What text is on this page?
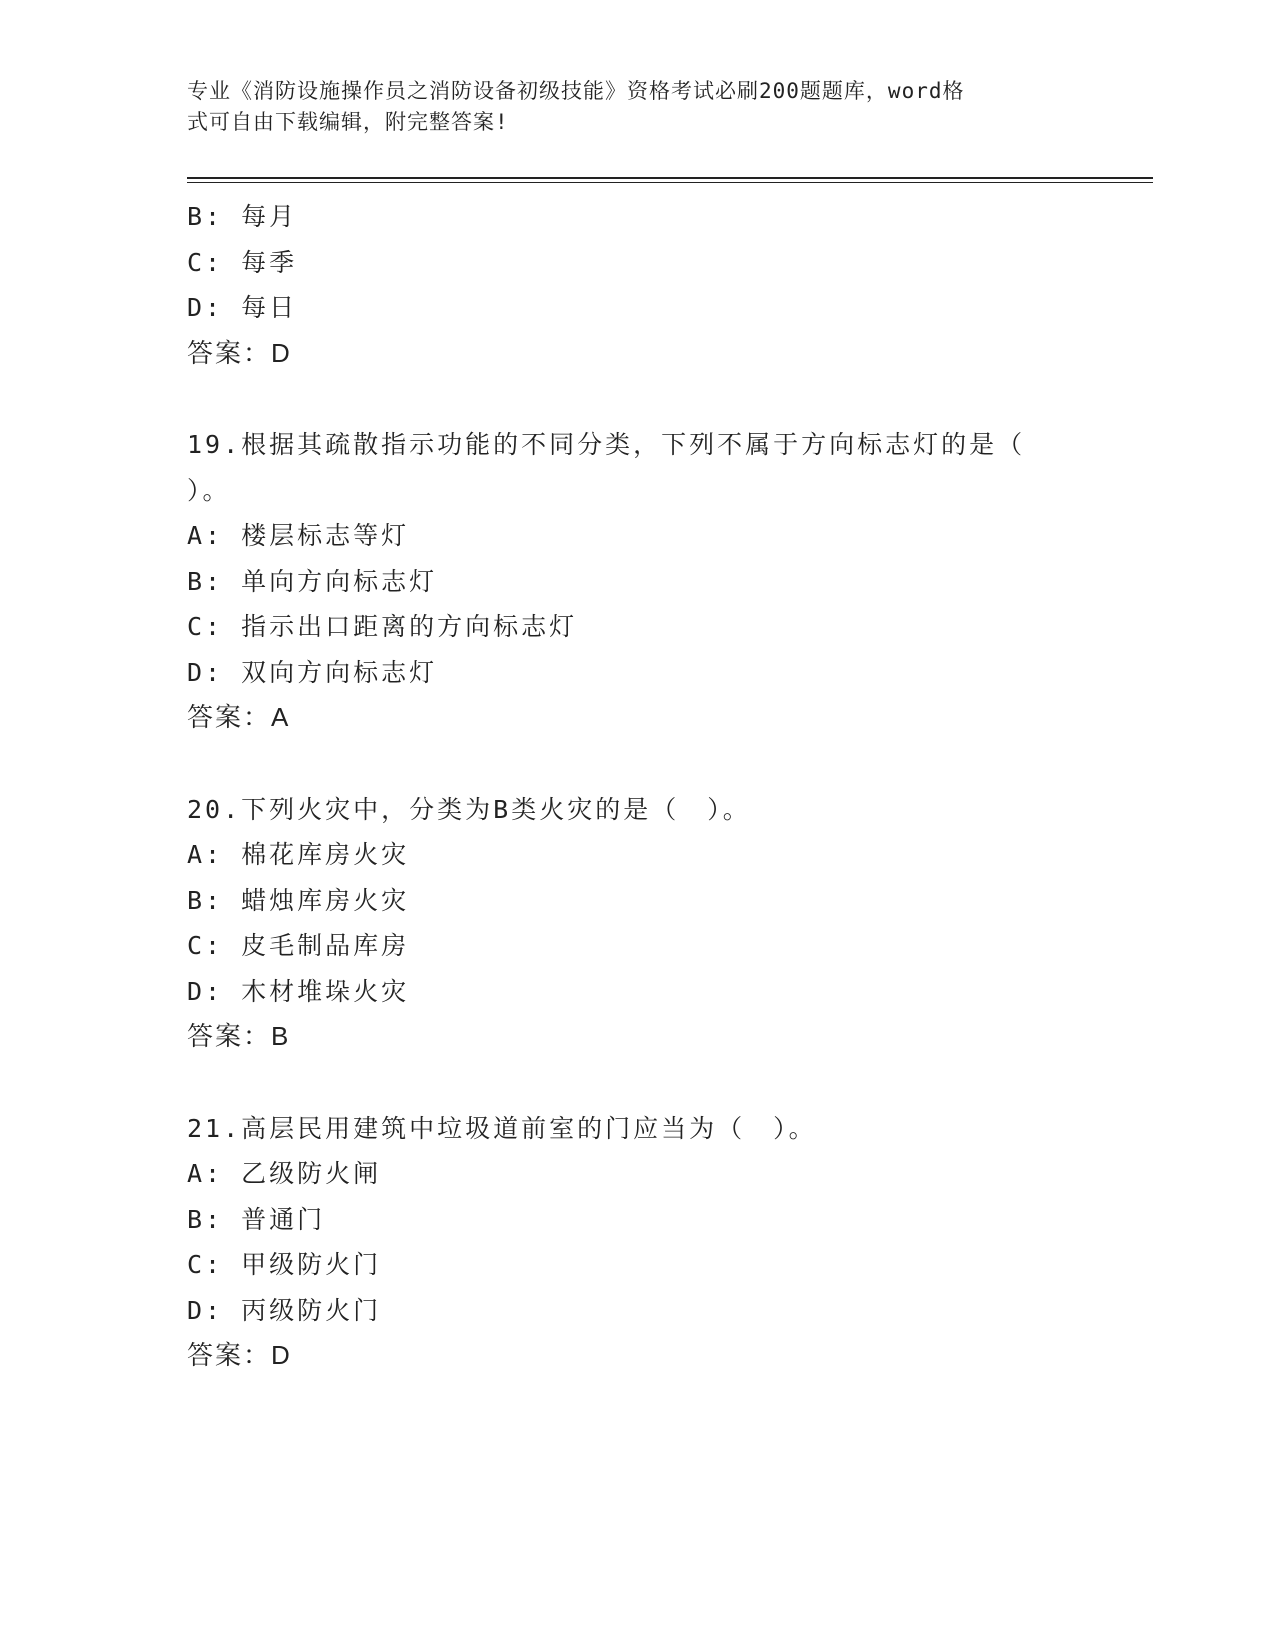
专业《消防设施操作员之消防设备初级技能》资格考试必刷200题题库，word格
式可自由下载编辑，附完整答案!
B: 每月
C: 每季
D: 每日
答案：D
19.根据其疏散指示功能的不同分类，下列不属于方向标志灯的是（
）。
A: 楼层标志等灯
B: 单向方向标志灯
C: 指示出口距离的方向标志灯
D: 双向方向标志灯
答案：A
20.下列火灾中，分类为B类火灾的是（　）。
A: 棉花库房火灾
B: 蜡烛库房火灾
C: 皮毛制品库房
D: 木材堆垛火灾
答案：B
21.高层民用建筑中垃圾道前室的门应当为（　）。
A: 乙级防火闸
B: 普通门
C: 甲级防火门
D: 丙级防火门
答案：D
